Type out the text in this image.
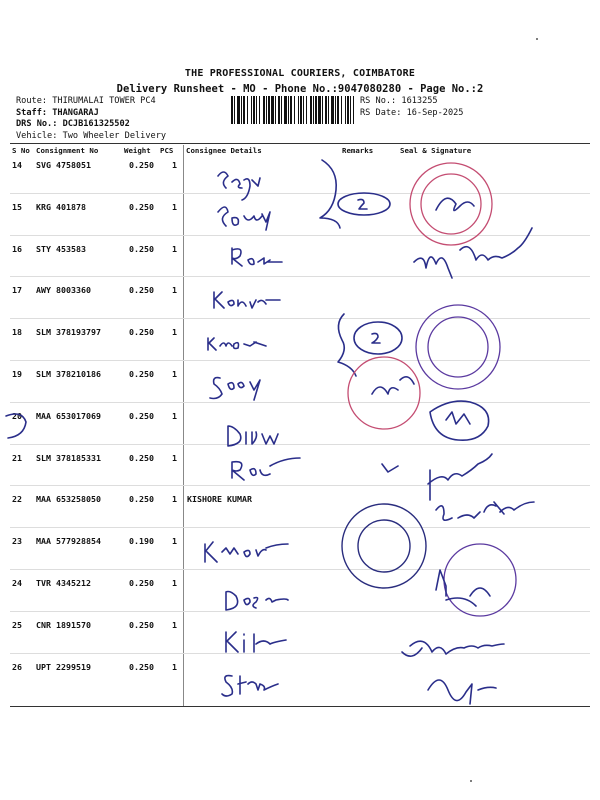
THE PROFESSIONAL COURIERS, COIMBATORE
Delivery Runsheet - MO - Phone No.:9047080280 - Page No.:2
Route: THIRUMALAI TOWER PC4
Staff: THANGARAJ
DRS No.: DCJB161325502
Vehicle: Two Wheeler Delivery
RS No.: 1613255
RS Date: 16-Sep-2025
S No Consignment No	Weight PCS Consignee Details	Remarks	Seal & Signature
14 SVG 4758051	0.250 1
15 KRG 401878	0.250 1
16 STY 453583	0.250 1
17 AWY 8003360	0.250 1
18 SLM 378193797	0.250 1
19 SLM 378210186	0.250 1
20 MAA 653017069	0.250 1
21 SLM 378185331	0.250 1
22 MAA 653258050	0.250 1 KISHORE KUMAR
23 MAA 577928854	0.190 1
24 TVR 4345212	0.250 1
25 CNR 1891570	0.250 1
26 UPT 2299519	0.250 1
